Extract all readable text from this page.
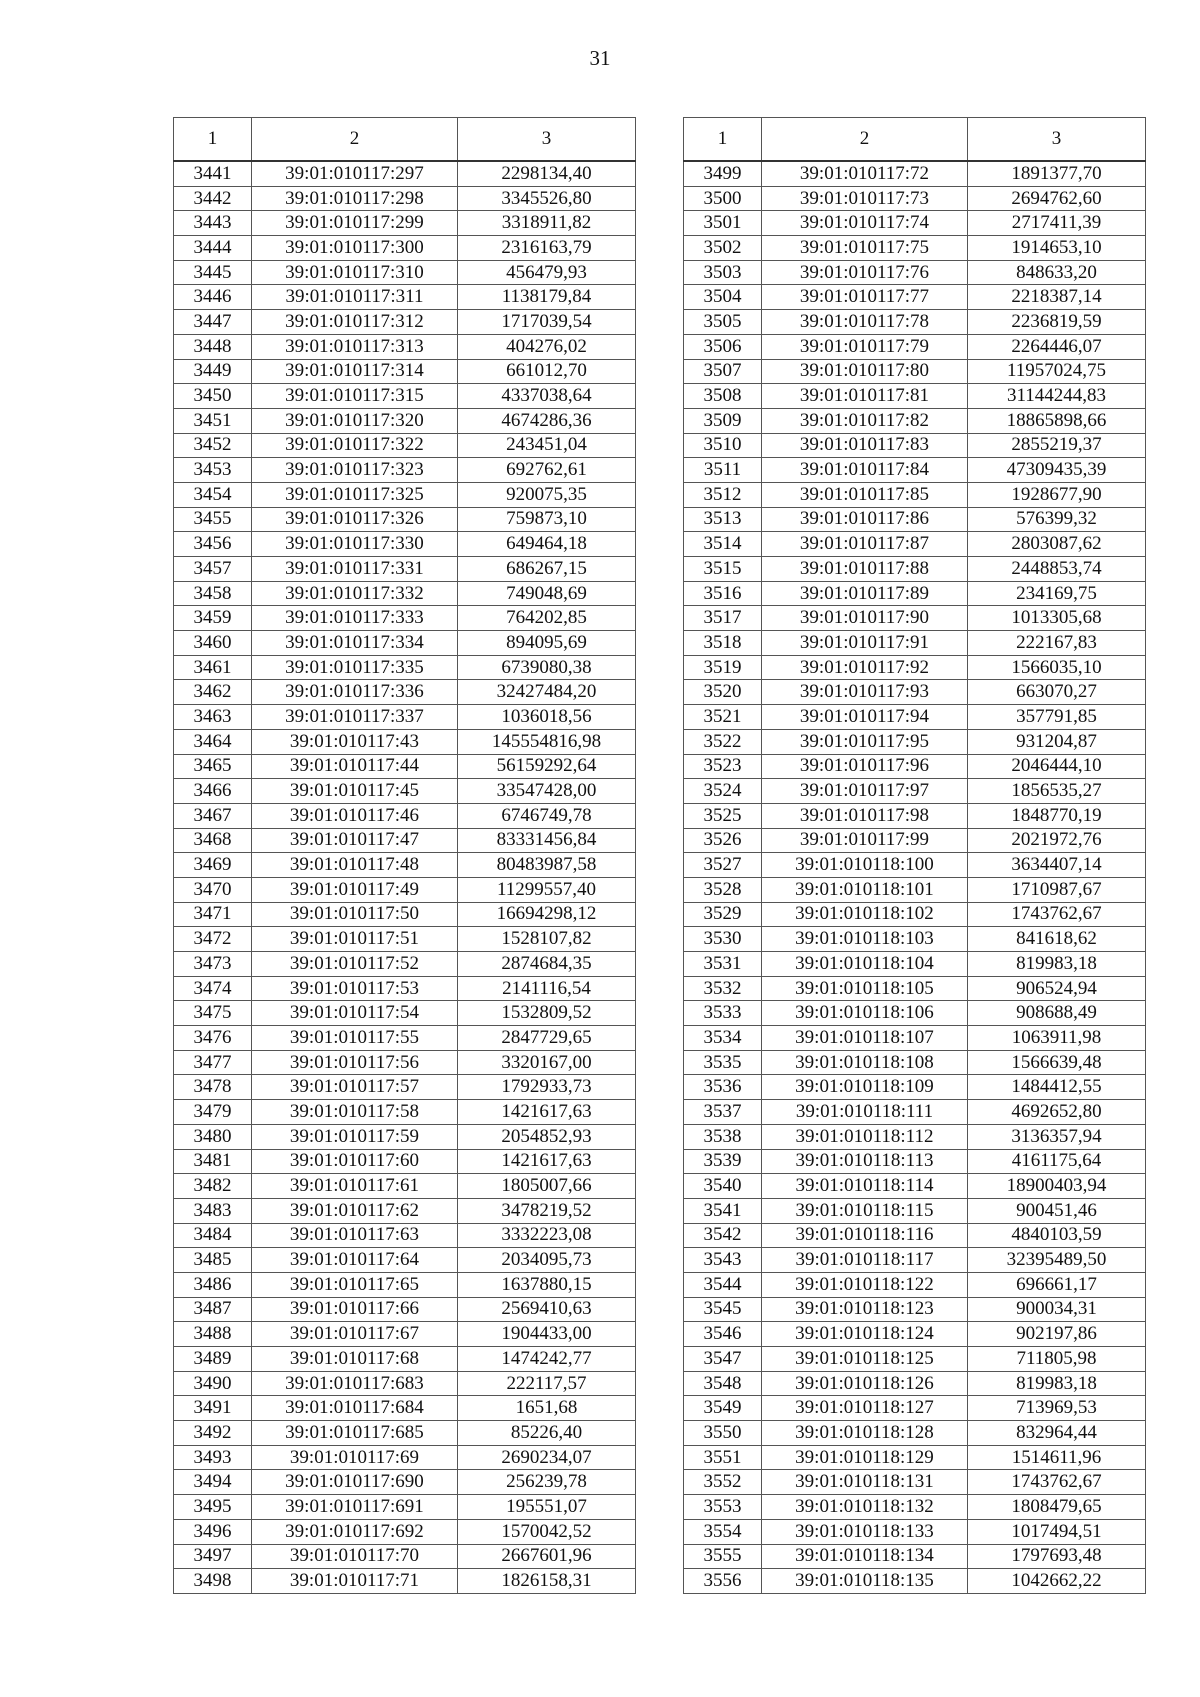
31
1	2	3
3441	39:01:010117:297	2298134,40
3442	39:01:010117:298	3345526,80
3443	39:01:010117:299	3318911,82
3444	39:01:010117:300	2316163,79
3445	39:01:010117:310	456479,93
3446	39:01:010117:311	1138179,84
3447	39:01:010117:312	1717039,54
3448	39:01:010117:313	404276,02
3449	39:01:010117:314	661012,70
3450	39:01:010117:315	4337038,64
3451	39:01:010117:320	4674286,36
3452	39:01:010117:322	243451,04
3453	39:01:010117:323	692762,61
3454	39:01:010117:325	920075,35
3455	39:01:010117:326	759873,10
3456	39:01:010117:330	649464,18
3457	39:01:010117:331	686267,15
3458	39:01:010117:332	749048,69
3459	39:01:010117:333	764202,85
3460	39:01:010117:334	894095,69
3461	39:01:010117:335	6739080,38
3462	39:01:010117:336	32427484,20
3463	39:01:010117:337	1036018,56
3464	39:01:010117:43	145554816,98
3465	39:01:010117:44	56159292,64
3466	39:01:010117:45	33547428,00
3467	39:01:010117:46	6746749,78
3468	39:01:010117:47	83331456,84
3469	39:01:010117:48	80483987,58
3470	39:01:010117:49	11299557,40
3471	39:01:010117:50	16694298,12
3472	39:01:010117:51	1528107,82
3473	39:01:010117:52	2874684,35
3474	39:01:010117:53	2141116,54
3475	39:01:010117:54	1532809,52
3476	39:01:010117:55	2847729,65
3477	39:01:010117:56	3320167,00
3478	39:01:010117:57	1792933,73
3479	39:01:010117:58	1421617,63
3480	39:01:010117:59	2054852,93
3481	39:01:010117:60	1421617,63
3482	39:01:010117:61	1805007,66
3483	39:01:010117:62	3478219,52
3484	39:01:010117:63	3332223,08
3485	39:01:010117:64	2034095,73
3486	39:01:010117:65	1637880,15
3487	39:01:010117:66	2569410,63
3488	39:01:010117:67	1904433,00
3489	39:01:010117:68	1474242,77
3490	39:01:010117:683	222117,57
3491	39:01:010117:684	1651,68
3492	39:01:010117:685	85226,40
3493	39:01:010117:69	2690234,07
3494	39:01:010117:690	256239,78
3495	39:01:010117:691	195551,07
3496	39:01:010117:692	1570042,52
3497	39:01:010117:70	2667601,96
3498	39:01:010117:71	1826158,31
1	2	3
3499	39:01:010117:72	1891377,70
3500	39:01:010117:73	2694762,60
3501	39:01:010117:74	2717411,39
3502	39:01:010117:75	1914653,10
3503	39:01:010117:76	848633,20
3504	39:01:010117:77	2218387,14
3505	39:01:010117:78	2236819,59
3506	39:01:010117:79	2264446,07
3507	39:01:010117:80	11957024,75
3508	39:01:010117:81	31144244,83
3509	39:01:010117:82	18865898,66
3510	39:01:010117:83	2855219,37
3511	39:01:010117:84	47309435,39
3512	39:01:010117:85	1928677,90
3513	39:01:010117:86	576399,32
3514	39:01:010117:87	2803087,62
3515	39:01:010117:88	2448853,74
3516	39:01:010117:89	234169,75
3517	39:01:010117:90	1013305,68
3518	39:01:010117:91	222167,83
3519	39:01:010117:92	1566035,10
3520	39:01:010117:93	663070,27
3521	39:01:010117:94	357791,85
3522	39:01:010117:95	931204,87
3523	39:01:010117:96	2046444,10
3524	39:01:010117:97	1856535,27
3525	39:01:010117:98	1848770,19
3526	39:01:010117:99	2021972,76
3527	39:01:010118:100	3634407,14
3528	39:01:010118:101	1710987,67
3529	39:01:010118:102	1743762,67
3530	39:01:010118:103	841618,62
3531	39:01:010118:104	819983,18
3532	39:01:010118:105	906524,94
3533	39:01:010118:106	908688,49
3534	39:01:010118:107	1063911,98
3535	39:01:010118:108	1566639,48
3536	39:01:010118:109	1484412,55
3537	39:01:010118:111	4692652,80
3538	39:01:010118:112	3136357,94
3539	39:01:010118:113	4161175,64
3540	39:01:010118:114	18900403,94
3541	39:01:010118:115	900451,46
3542	39:01:010118:116	4840103,59
3543	39:01:010118:117	32395489,50
3544	39:01:010118:122	696661,17
3545	39:01:010118:123	900034,31
3546	39:01:010118:124	902197,86
3547	39:01:010118:125	711805,98
3548	39:01:010118:126	819983,18
3549	39:01:010118:127	713969,53
3550	39:01:010118:128	832964,44
3551	39:01:010118:129	1514611,96
3552	39:01:010118:131	1743762,67
3553	39:01:010118:132	1808479,65
3554	39:01:010118:133	1017494,51
3555	39:01:010118:134	1797693,48
3556	39:01:010118:135	1042662,22
